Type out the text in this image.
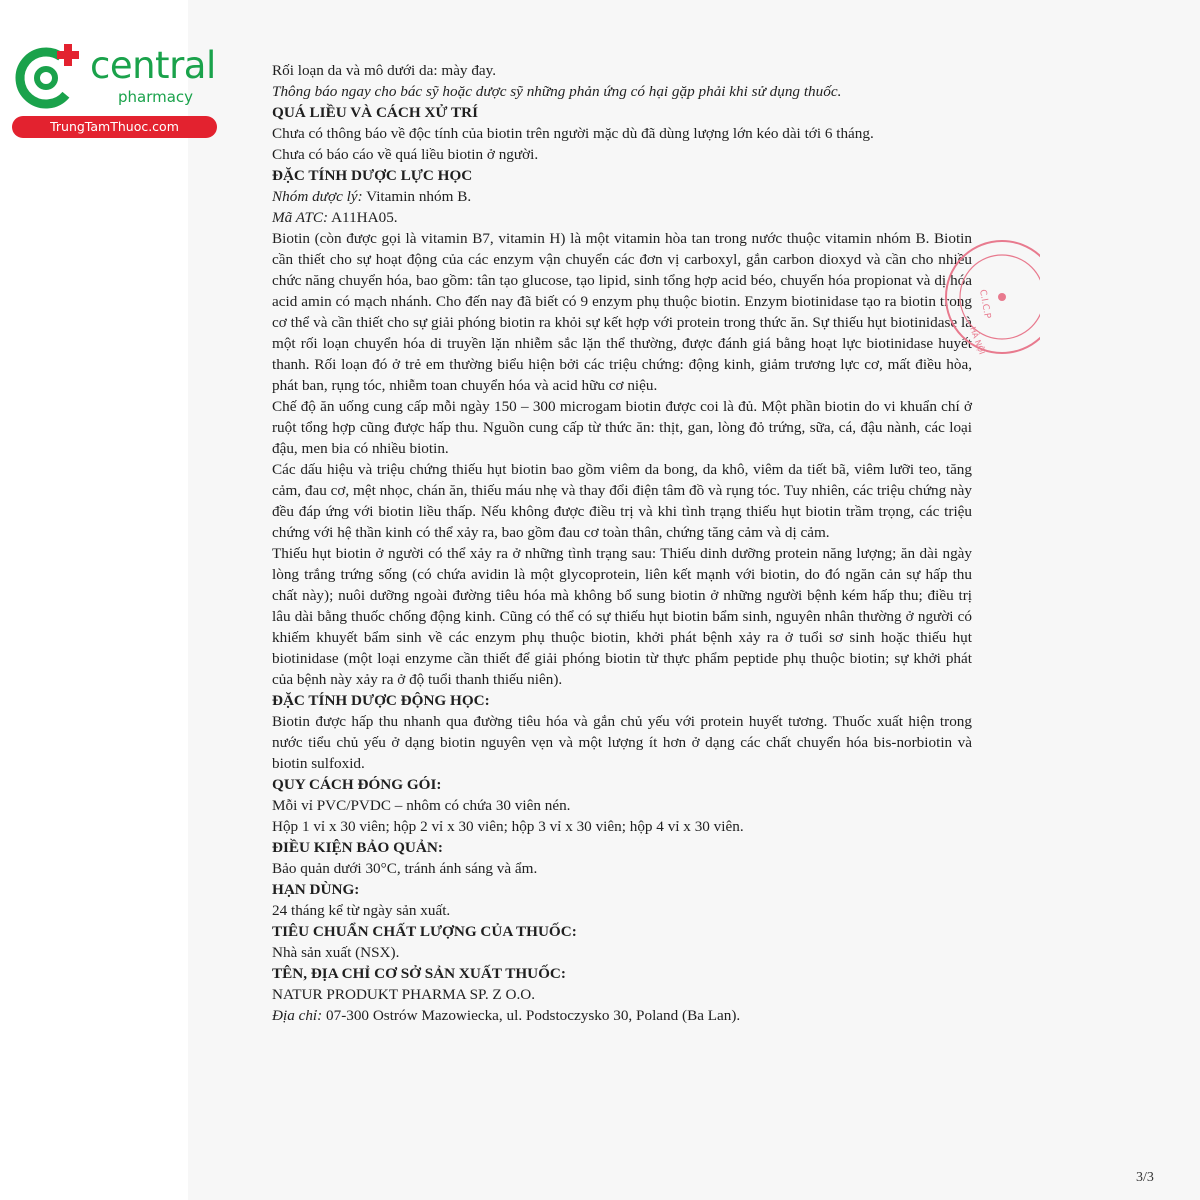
central
pharmacy
TrungTamThuoc.com
Rối loạn da và mô dưới da: mày đay.
Thông báo ngay cho bác sỹ hoặc dược sỹ những phản ứng có hại gặp phải khi sử dụng thuốc.
QUÁ LIỀU VÀ CÁCH XỬ TRÍ
Chưa có thông báo về độc tính của biotin trên người mặc dù đã dùng lượng lớn kéo dài tới 6 tháng.
Chưa có báo cáo về quá liều biotin ở người.
ĐẶC TÍNH DƯỢC LỰC HỌC
Nhóm dược lý: Vitamin nhóm B.
Mã ATC: A11HA05.
Biotin (còn được gọi là vitamin B7, vitamin H) là một vitamin hòa tan trong nước thuộc vitamin nhóm B. Biotin cần thiết cho sự hoạt động của các enzym vận chuyển các đơn vị carboxyl, gắn carbon dioxyd và cần cho nhiều chức năng chuyển hóa, bao gồm: tân tạo glucose, tạo lipid, sinh tổng hợp acid béo, chuyển hóa propionat và dị hóa acid amin có mạch nhánh. Cho đến nay đã biết có 9 enzym phụ thuộc biotin. Enzym biotinidase tạo ra biotin trong cơ thể và cần thiết cho sự giải phóng biotin ra khỏi sự kết hợp với protein trong thức ăn. Sự thiếu hụt biotinidase là một rối loạn chuyển hóa di truyền lặn nhiễm sắc lặn thể thường, được đánh giá bằng hoạt lực biotinidase huyết thanh. Rối loạn đó ở trẻ em thường biểu hiện bởi các triệu chứng: động kinh, giảm trương lực cơ, mất điều hòa, phát ban, rụng tóc, nhiễm toan chuyển hóa và acid hữu cơ niệu.
Chế độ ăn uống cung cấp mỗi ngày 150 – 300 microgam biotin được coi là đủ. Một phần biotin do vi khuẩn chí ở ruột tổng hợp cũng được hấp thu. Nguồn cung cấp từ thức ăn: thịt, gan, lòng đỏ trứng, sữa, cá, đậu nành, các loại đậu, men bia có nhiều biotin.
Các dấu hiệu và triệu chứng thiếu hụt biotin bao gồm viêm da bong, da khô, viêm da tiết bã, viêm lưỡi teo, tăng cảm, đau cơ, mệt nhọc, chán ăn, thiếu máu nhẹ và thay đổi điện tâm đồ và rụng tóc. Tuy nhiên, các triệu chứng này đều đáp ứng với biotin liều thấp. Nếu không được điều trị và khi tình trạng thiếu hụt biotin trầm trọng, các triệu chứng với hệ thần kinh có thể xảy ra, bao gồm đau cơ toàn thân, chứng tăng cảm và dị cảm.
Thiếu hụt biotin ở người có thể xảy ra ở những tình trạng sau: Thiếu dinh dưỡng protein năng lượng; ăn dài ngày lòng trắng trứng sống (có chứa avidin là một glycoprotein, liên kết mạnh với biotin, do đó ngăn cản sự hấp thu chất này); nuôi dưỡng ngoài đường tiêu hóa mà không bổ sung biotin ở những người bệnh kém hấp thu; điều trị lâu dài bằng thuốc chống động kinh. Cũng có thể có sự thiếu hụt biotin bẩm sinh, nguyên nhân thường ở người có khiếm khuyết bẩm sinh về các enzym phụ thuộc biotin, khởi phát bệnh xảy ra ở tuổi sơ sinh hoặc thiếu hụt biotinidase (một loại enzyme cần thiết để giải phóng biotin từ thực phẩm peptide phụ thuộc biotin; sự khởi phát của bệnh này xảy ra ở độ tuổi thanh thiếu niên).
ĐẶC TÍNH DƯỢC ĐỘNG HỌC:
Biotin được hấp thu nhanh qua đường tiêu hóa và gắn chủ yếu với protein huyết tương. Thuốc xuất hiện trong nước tiểu chủ yếu ở dạng biotin nguyên vẹn và một lượng ít hơn ở dạng các chất chuyển hóa bis-norbiotin và biotin sulfoxid.
QUY CÁCH ĐÓNG GÓI:
Mỗi vỉ PVC/PVDC – nhôm có chứa 30 viên nén.
Hộp 1 vỉ x 30 viên; hộp 2 vỉ x 30 viên; hộp 3 vỉ x 30 viên; hộp 4 vỉ x 30 viên.
ĐIỀU KIỆN BẢO QUẢN:
Bảo quản dưới 30°C, tránh ánh sáng và ẩm.
HẠN DÙNG:
24 tháng kể từ ngày sản xuất.
TIÊU CHUẨN CHẤT LƯỢNG CỦA THUỐC:
Nhà sản xuất (NSX).
TÊN, ĐỊA CHỈ CƠ SỞ SẢN XUẤT THUỐC:
NATUR PRODUKT PHARMA SP. Z O.O.
Địa chỉ: 07-300 Ostrów Mazowiecka, ul. Podstoczysko 30, Poland (Ba Lan).
C.I.C.P
HÀ NỘI
3/3
